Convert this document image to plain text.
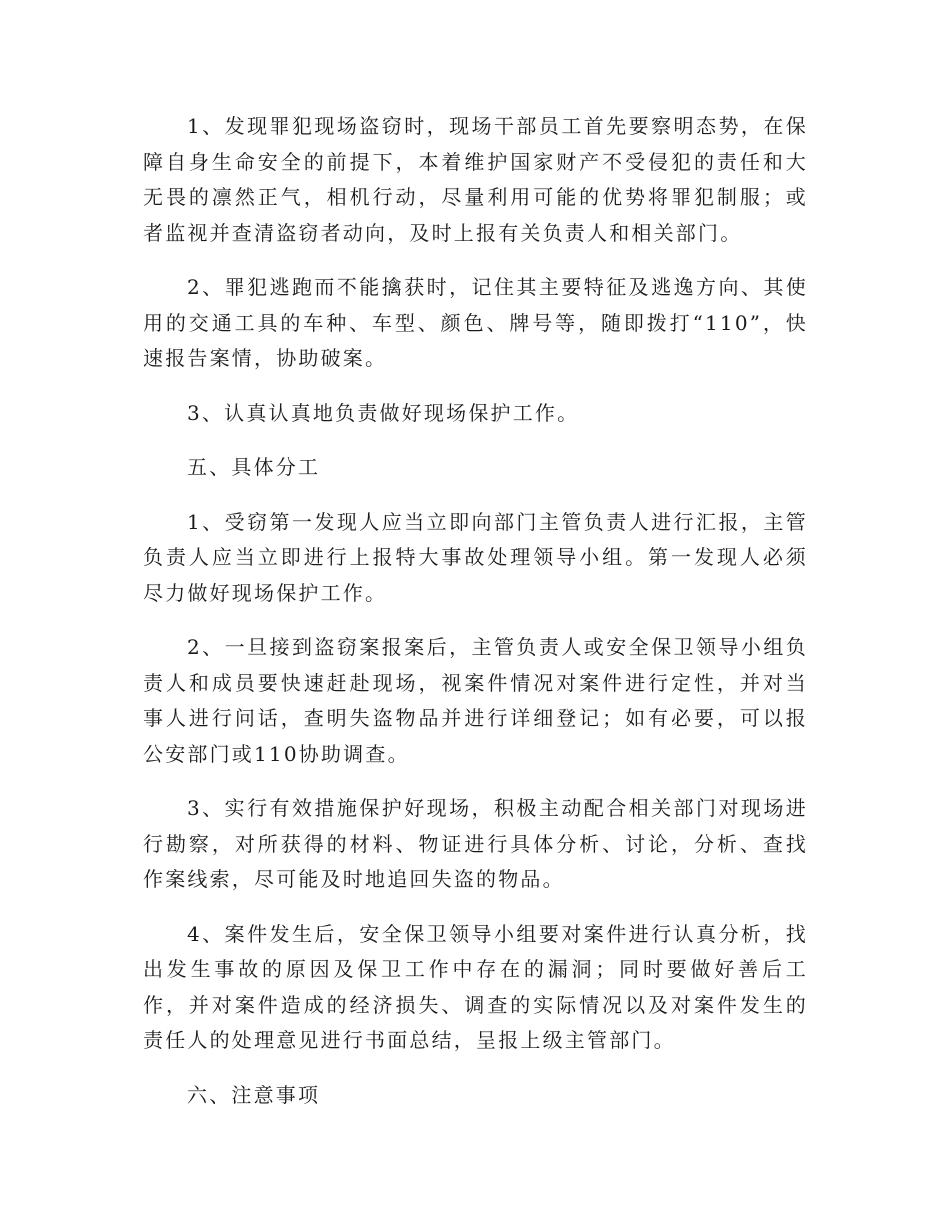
1、发现罪犯现场盗窃时，现场干部员工首先要察明态势，在保障自身生命安全的前提下，本着维护国家财产不受侵犯的责任和大无畏的凛然正气，相机行动，尽量利用可能的优势将罪犯制服；或者监视并查清盗窃者动向，及时上报有关负责人和相关部门。

2、罪犯逃跑而不能擒获时，记住其主要特征及逃逸方向、其使用的交通工具的车种、车型、颜色、牌号等，随即拨打“110”，快速报告案情，协助破案。

3、认真认真地负责做好现场保护工作。

五、具体分工

1、受窃第一发现人应当立即向部门主管负责人进行汇报，主管负责人应当立即进行上报特大事故处理领导小组。第一发现人必须尽力做好现场保护工作。

2、一旦接到盗窃案报案后，主管负责人或安全保卫领导小组负责人和成员要快速赶赴现场，视案件情况对案件进行定性，并对当事人进行问话，查明失盗物品并进行详细登记；如有必要，可以报公安部门或110协助调查。

3、实行有效措施保护好现场，积极主动配合相关部门对现场进行勘察，对所获得的材料、物证进行具体分析、讨论，分析、查找作案线索，尽可能及时地追回失盗的物品。

4、案件发生后，安全保卫领导小组要对案件进行认真分析，找出发生事故的原因及保卫工作中存在的漏洞；同时要做好善后工作，并对案件造成的经济损失、调查的实际情况以及对案件发生的责任人的处理意见进行书面总结，呈报上级主管部门。

六、注意事项
